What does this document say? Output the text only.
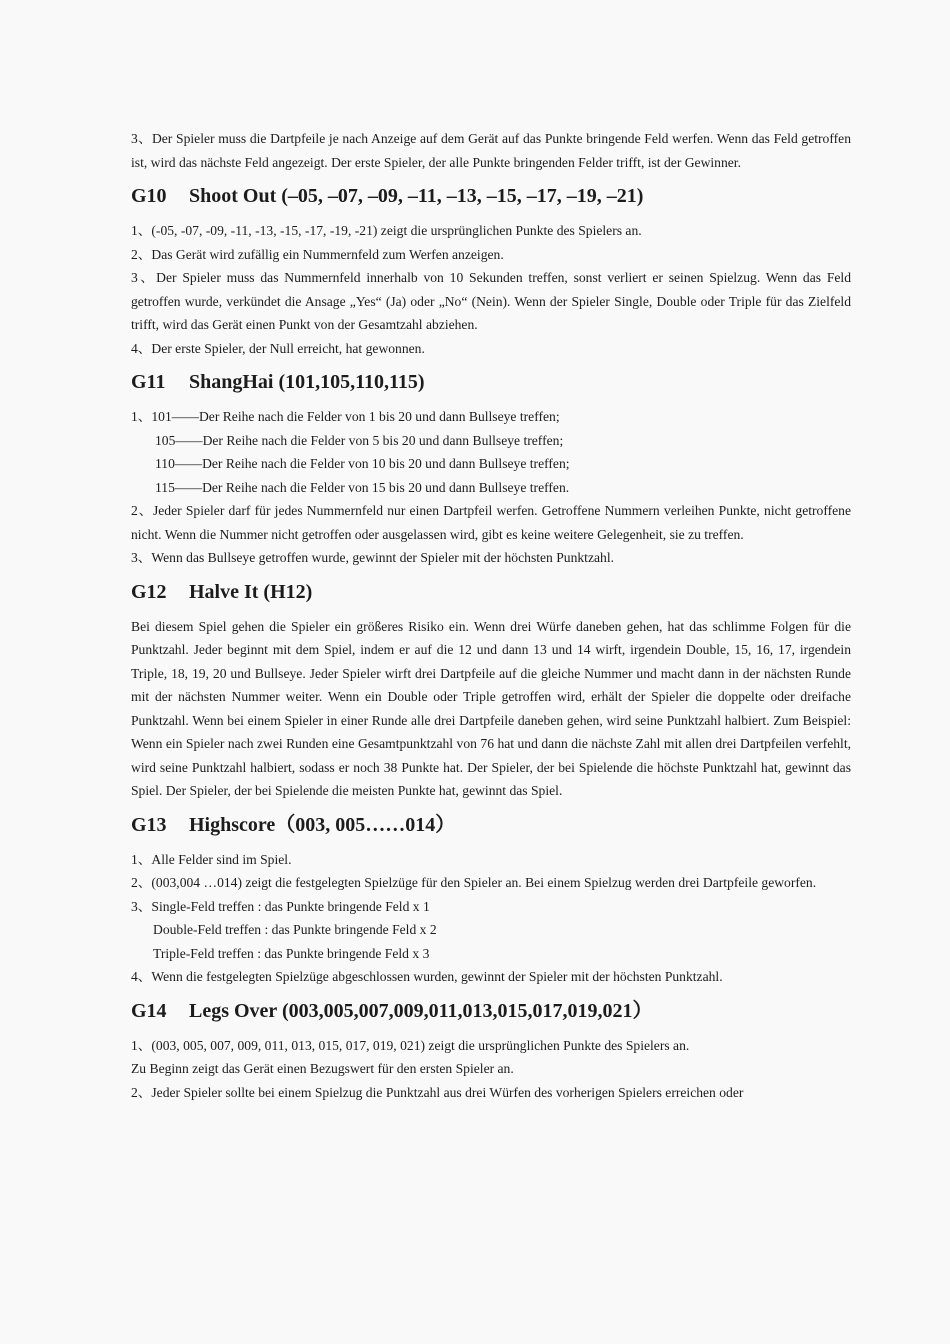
3、Der Spieler muss die Dartpfeile je nach Anzeige auf dem Gerät auf das Punkte bringende Feld werfen. Wenn das Feld getroffen ist, wird das nächste Feld angezeigt. Der erste Spieler, der alle Punkte bringenden Felder trifft, ist der Gewinner.

G10 Shoot Out (–05, –07, –09, –11, –13, –15, –17, –19, –21)

1、(-05, -07, -09, -11, -13, -15, -17, -19, -21) zeigt die ursprünglichen Punkte des Spielers an.

2、Das Gerät wird zufällig ein Nummernfeld zum Werfen anzeigen.

3、Der Spieler muss das Nummernfeld innerhalb von 10 Sekunden treffen, sonst verliert er seinen Spielzug. Wenn das Feld getroffen wurde, verkündet die Ansage „Yes“ (Ja) oder „No“ (Nein). Wenn der Spieler Single, Double oder Triple für das Zielfeld trifft, wird das Gerät einen Punkt von der Gesamtzahl abziehen.

4、Der erste Spieler, der Null erreicht, hat gewonnen.

G11 ShangHai (101,105,110,115)

1、101——Der Reihe nach die Felder von 1 bis 20 und dann Bullseye treffen;

105——Der Reihe nach die Felder von 5 bis 20 und dann Bullseye treffen;

110——Der Reihe nach die Felder von 10 bis 20 und dann Bullseye treffen;

115——Der Reihe nach die Felder von 15 bis 20 und dann Bullseye treffen.

2、Jeder Spieler darf für jedes Nummernfeld nur einen Dartpfeil werfen. Getroffene Nummern verleihen Punkte, nicht getroffene nicht. Wenn die Nummer nicht getroffen oder ausgelassen wird, gibt es keine weitere Gelegenheit, sie zu treffen.

3、Wenn das Bullseye getroffen wurde, gewinnt der Spieler mit der höchsten Punktzahl.

G12 Halve It (H12)

Bei diesem Spiel gehen die Spieler ein größeres Risiko ein. Wenn drei Würfe daneben gehen, hat das schlimme Folgen für die Punktzahl. Jeder beginnt mit dem Spiel, indem er auf die 12 und dann 13 und 14 wirft, irgendein Double, 15, 16, 17, irgendein Triple, 18, 19, 20 und Bullseye. Jeder Spieler wirft drei Dartpfeile auf die gleiche Nummer und macht dann in der nächsten Runde mit der nächsten Nummer weiter. Wenn ein Double oder Triple getroffen wird, erhält der Spieler die doppelte oder dreifache Punktzahl. Wenn bei einem Spieler in einer Runde alle drei Dartpfeile daneben gehen, wird seine Punktzahl halbiert. Zum Beispiel: Wenn ein Spieler nach zwei Runden eine Gesamtpunktzahl von 76 hat und dann die nächste Zahl mit allen drei Dartpfeilen verfehlt, wird seine Punktzahl halbiert, sodass er noch 38 Punkte hat. Der Spieler, der bei Spielende die höchste Punktzahl hat, gewinnt das Spiel. Der Spieler, der bei Spielende die meisten Punkte hat, gewinnt das Spiel.

G13 Highscore（003, 005……014）

1、Alle Felder sind im Spiel.

2、(003,004 …014) zeigt die festgelegten Spielzüge für den Spieler an. Bei einem Spielzug werden drei Dartpfeile geworfen.

3、Single-Feld treffen : das Punkte bringende Feld x 1

Double-Feld treffen : das Punkte bringende Feld x 2

Triple-Feld treffen : das Punkte bringende Feld x 3

4、Wenn die festgelegten Spielzüge abgeschlossen wurden, gewinnt der Spieler mit der höchsten Punktzahl.

G14 Legs Over (003,005,007,009,011,013,015,017,019,021）

1、(003, 005, 007, 009, 011, 013, 015, 017, 019, 021) zeigt die ursprünglichen Punkte des Spielers an.

Zu Beginn zeigt das Gerät einen Bezugswert für den ersten Spieler an.

2、Jeder Spieler sollte bei einem Spielzug die Punktzahl aus drei Würfen des vorherigen Spielers erreichen oder
